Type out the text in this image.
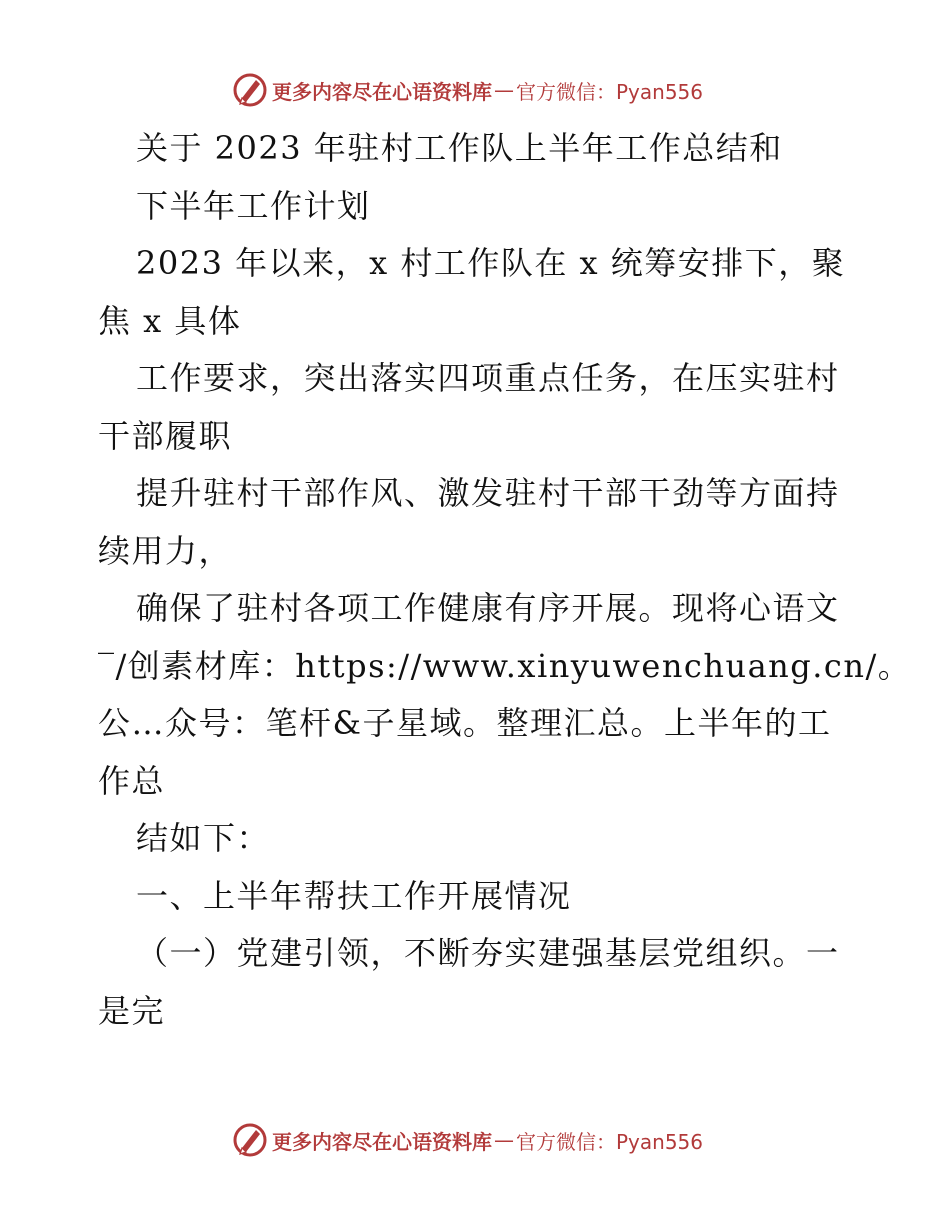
更多内容尽在心语资料库 — 官方微信：Pyan556
关于 2023 年驻村工作队上半年工作总结和
下半年工作计划
2023 年以来，x 村工作队在 x 统筹安排下，聚
焦 x 具体
工作要求，突出落实四项重点任务，在压实驻村
干部履职
提升驻村干部作风、激发驻村干部干劲等方面持
续用力，
确保了驻村各项工作健康有序开展。现将心语文
‾/创素材库：https://www.xinyuwenchuang.cn/。
公…众号：笔杆&子星域。整理汇总。上半年的工
作总
结如下：
一、上半年帮扶工作开展情况
（一）党建引领，不断夯实建强基层党组织。一
是完
更多内容尽在心语资料库 — 官方微信：Pyan556
